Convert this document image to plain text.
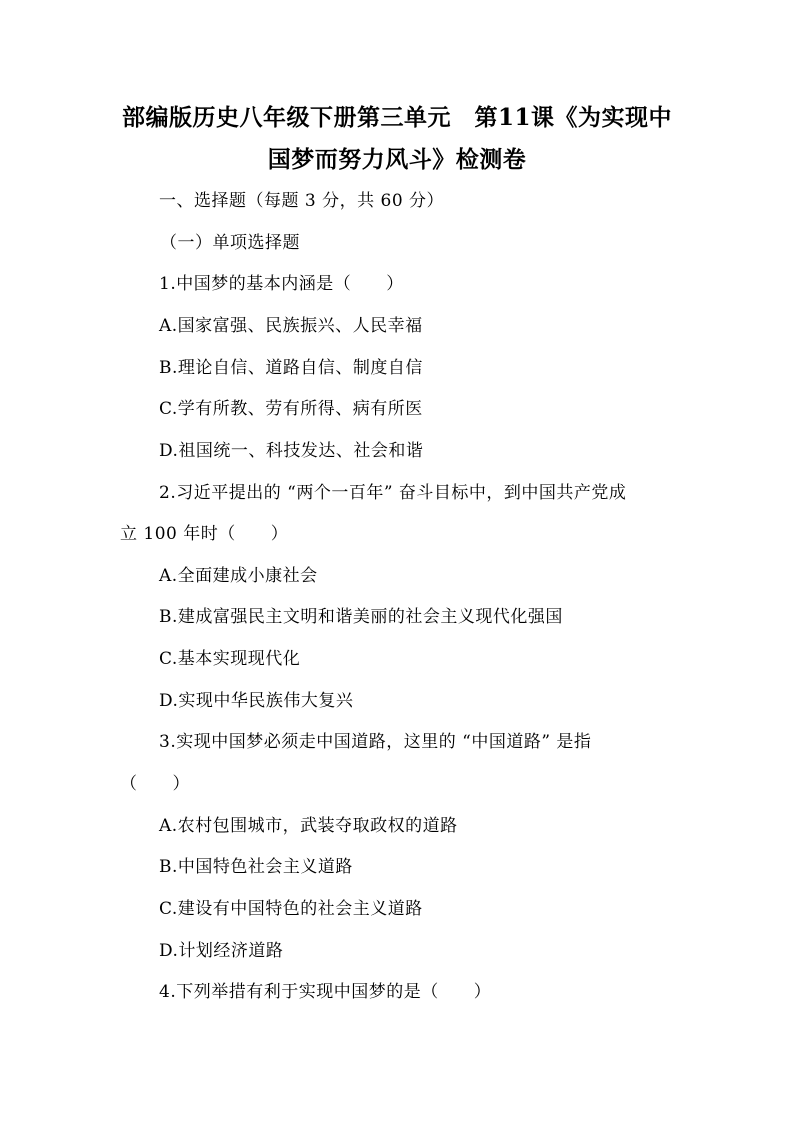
部编版历史八年级下册第三单元　第11课《为实现中
国梦而努力风斗》检测卷
一、选择题（每题 3 分，共 60 分）
（一）单项选择题
1.中国梦的基本内涵是（　　）
A.国家富强、民族振兴、人民幸福
B.理论自信、道路自信、制度自信
C.学有所教、劳有所得、病有所医
D.祖国统一、科技发达、社会和谐
2.习近平提出的 “两个一百年” 奋斗目标中，到中国共产党成
立 100 年时（　　）
A.全面建成小康社会
B.建成富强民主文明和谐美丽的社会主义现代化强国
C.基本实现现代化
D.实现中华民族伟大复兴
3.实现中国梦必须走中国道路，这里的 “中国道路” 是指
（　　）
A.农村包围城市，武装夺取政权的道路
B.中国特色社会主义道路
C.建设有中国特色的社会主义道路
D.计划经济道路
4.下列举措有利于实现中国梦的是（　　）
